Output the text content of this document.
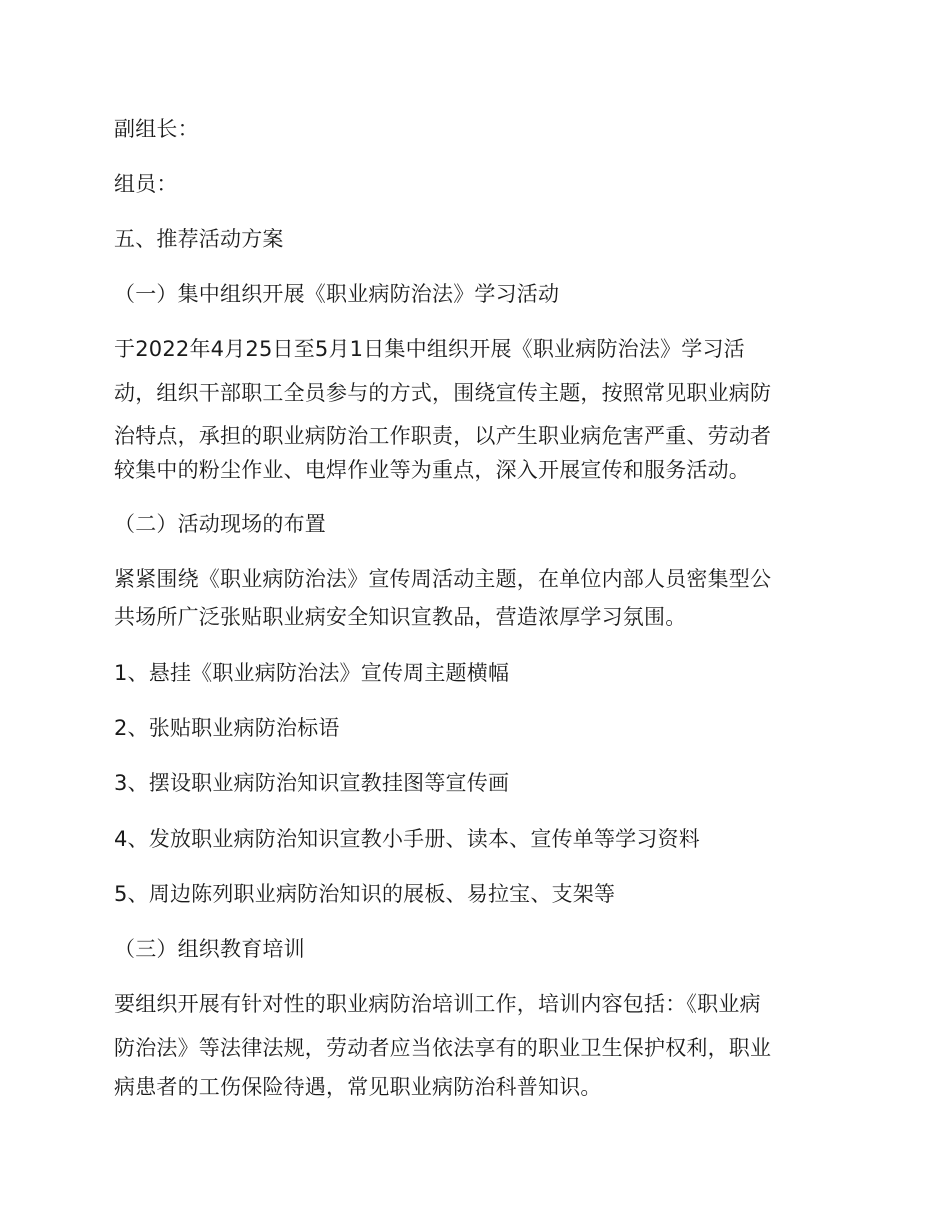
副组长：
组员：
五、推荐活动方案
（一）集中组织开展《职业病防治法》学习活动
于2022年4月25日至5月1日集中组织开展《职业病防治法》学习活
动，组织干部职工全员参与的方式，围绕宣传主题，按照常见职业病防
治特点，承担的职业病防治工作职责，以产生职业病危害严重、劳动者
较集中的粉尘作业、电焊作业等为重点，深入开展宣传和服务活动。
（二）活动现场的布置
紧紧围绕《职业病防治法》宣传周活动主题，在单位内部人员密集型公
共场所广泛张贴职业病安全知识宣教品，营造浓厚学习氛围。
1、悬挂《职业病防治法》宣传周主题横幅
2、张贴职业病防治标语
3、摆设职业病防治知识宣教挂图等宣传画
4、发放职业病防治知识宣教小手册、读本、宣传单等学习资料
5、周边陈列职业病防治知识的展板、易拉宝、支架等
（三）组织教育培训
要组织开展有针对性的职业病防治培训工作，培训内容包括：《职业病
防治法》等法律法规，劳动者应当依法享有的职业卫生保护权利，职业
病患者的工伤保险待遇，常见职业病防治科普知识。
